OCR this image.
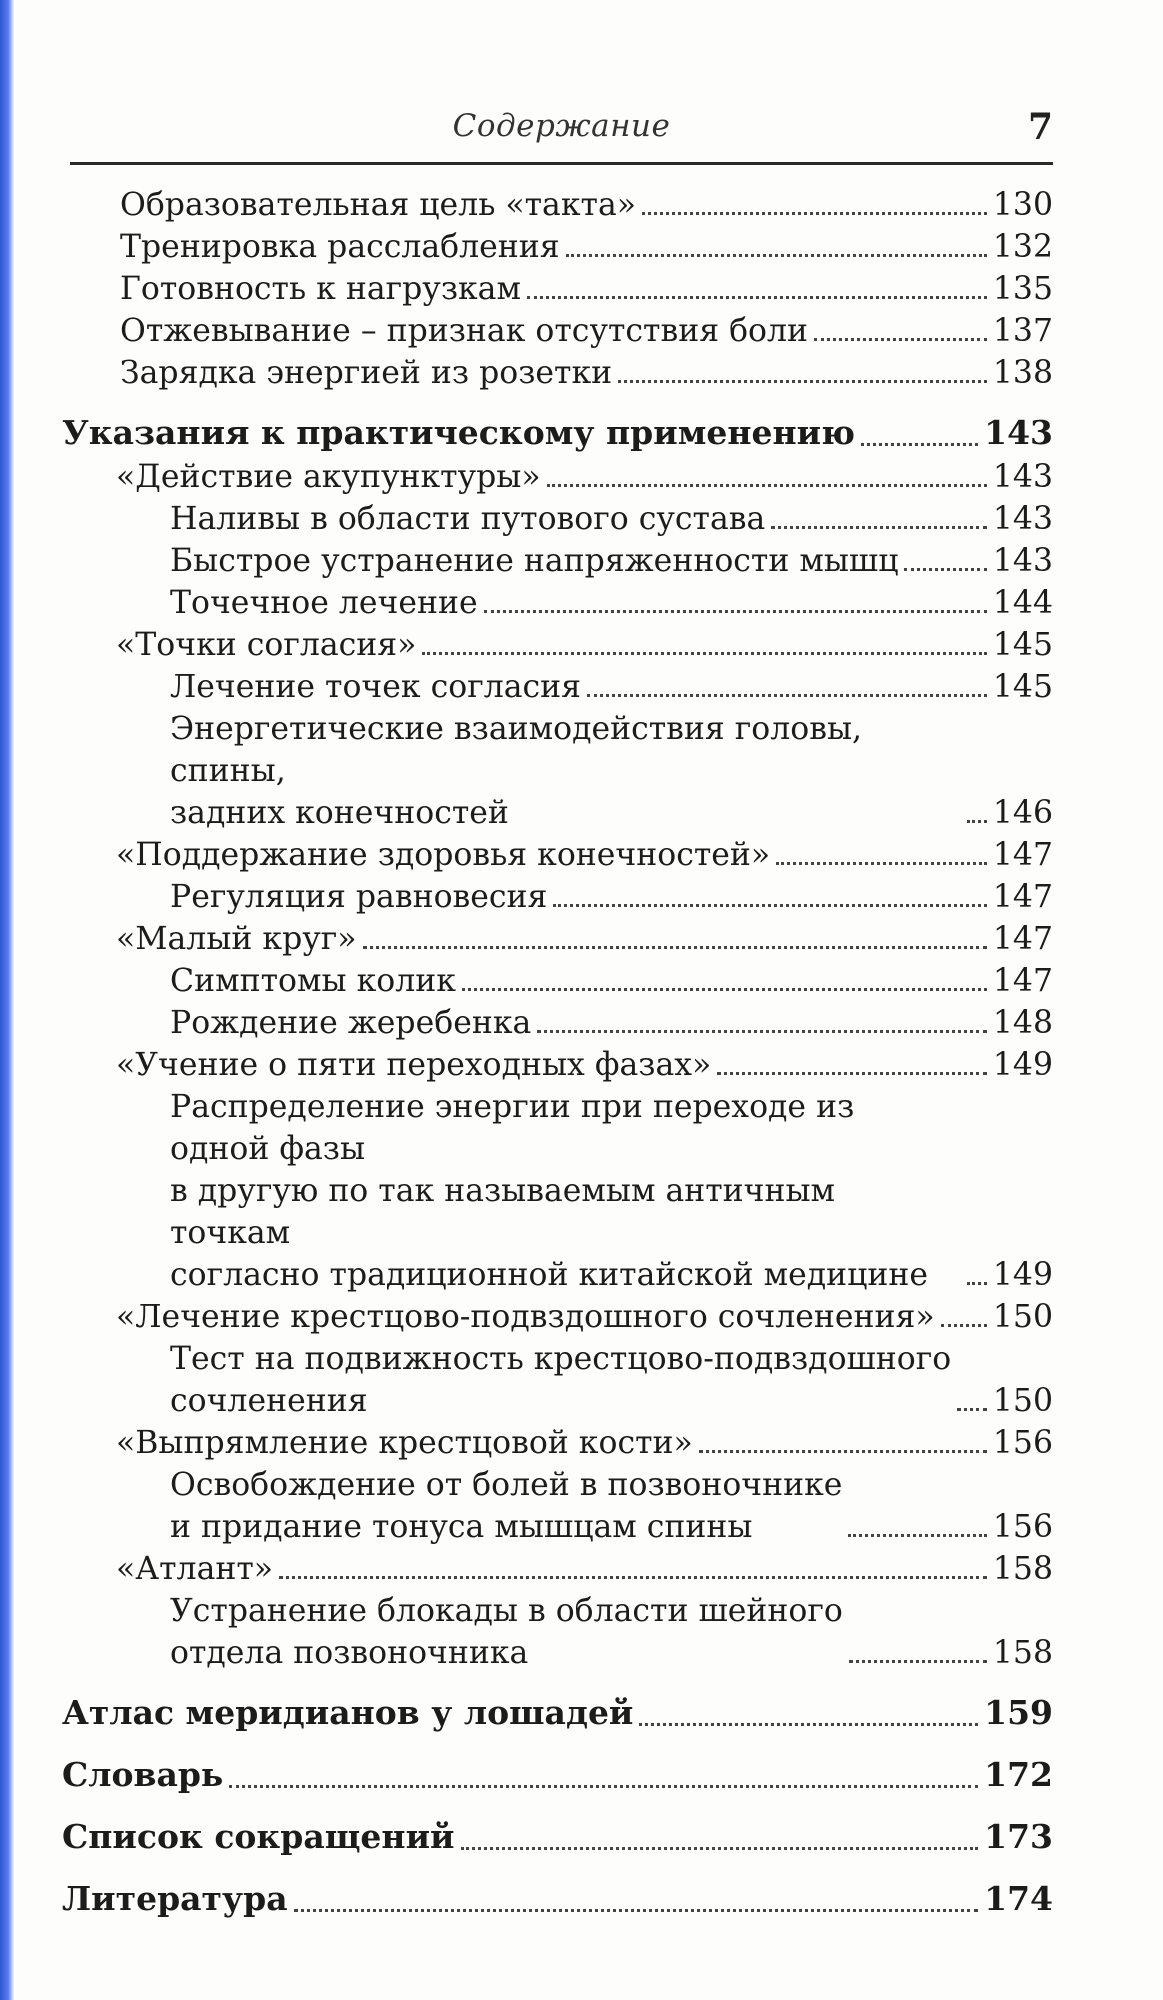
Содержание	7
Образовательная цель «такта»	130
Тренировка расслабления	132
Готовность к нагрузкам	135
Отжевывание – признак отсутствия боли	137
Зарядка энергией из розетки	138
Указания к практическому применению	143
«Действие акупунктуры»	143
Наливы в области путового сустава	143
Быстрое устранение напряженности мышц	143
Точечное лечение	144
«Точки согласия»	145
Лечение точек согласия	145
Энергетические взаимодействия головы, спины,
задних конечностей	146
«Поддержание здоровья конечностей»	147
Регуляция равновесия	147
«Малый круг»	147
Симптомы колик	147
Рождение жеребенка	148
«Учение о пяти переходных фазах»	149
Распределение энергии при переходе из одной фазы
в другую по так называемым античным точкам
согласно традиционной китайской медицине	149
«Лечение крестцово-подвздошного сочленения» 150
Тест на подвижность крестцово-подвздошного
сочленения	150
«Выпрямление крестцовой кости»	156
Освобождение от болей в позвоночнике
и придание тонуса мышцам спины	156
«Атлант»	158
Устранение блокады в области шейного
отдела позвоночника	158
Атлас меридианов у лошадей	159
Словарь	172
Список сокращений	173
Литература	174
